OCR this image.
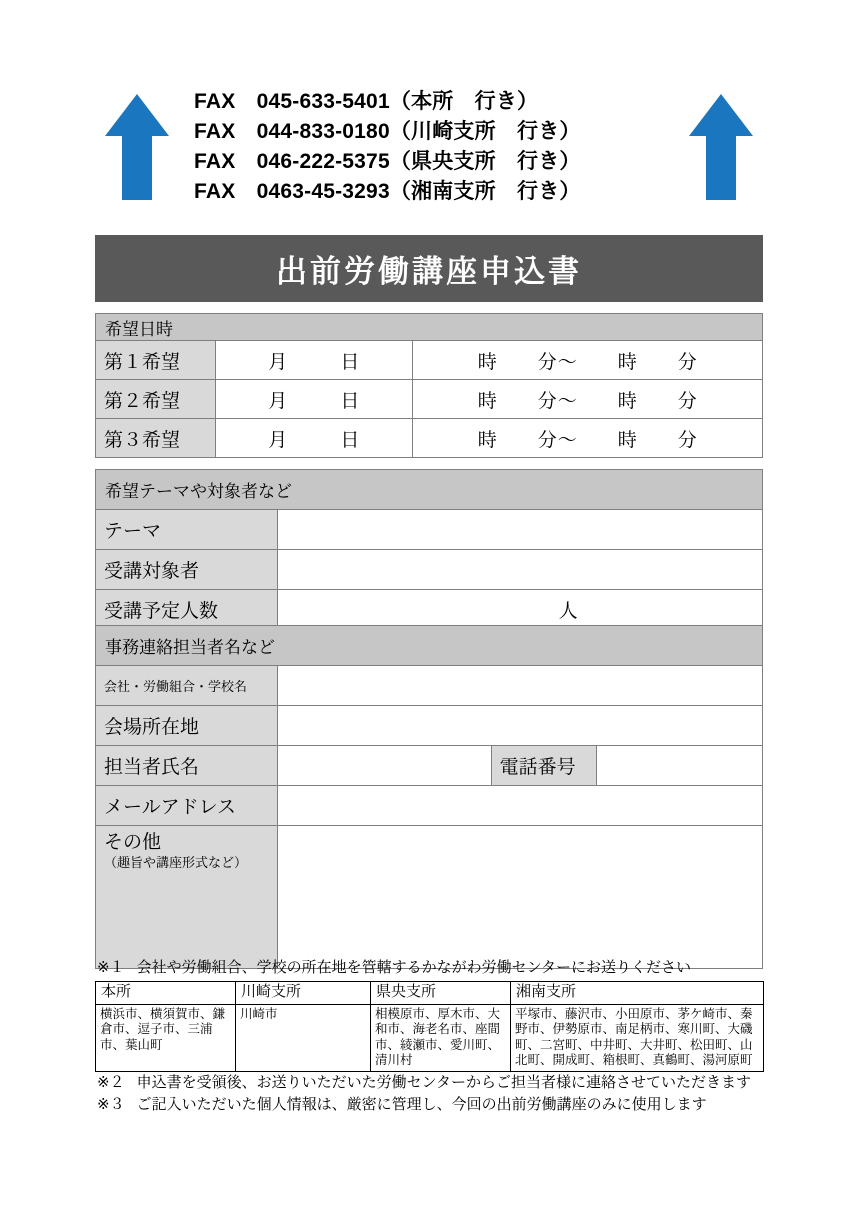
FAX　045-633-5401（本所　行き）
FAX　044-833-0180（川崎支所　行き）
FAX　046-222-5375（県央支所　行き）
FAX　0463-45-3293（湘南支所　行き）
出前労働講座申込書
希望日時		
第１希望	月 日	時 分〜 時 分

第２希望	月 日	時 分〜 時 分

第３希望	月 日	時 分〜 時 分
希望テーマや対象者など	
テーマ	
受講対象者	
受講予定人数	人
事務連絡担当者名など			
会社・労働組合・学校名			
会場所在地			
担当者氏名		電話番号	
メールアドレス			
その他
（趣旨や講座形式など）			

※１ 会社や労働組合、学校の所在地を管轄するかながわ労働センターにお送りください
本所	川崎支所	県央支所	湘南支所
横浜市、横須賀市、鎌倉市、逗子市、三浦市、葉山町	川崎市	相模原市、厚木市、大和市、海老名市、座間市、綾瀬市、愛川町、清川村	平塚市、藤沢市、小田原市、茅ケ崎市、秦野市、伊勢原市、南足柄市、寒川町、大磯町、二宮町、中井町、大井町、松田町、山北町、開成町、箱根町、真鶴町、湯河原町
※２ 申込書を受領後、お送りいただいた労働センターからご担当者様に連絡させていただきます
※３ ご記入いただいた個人情報は、厳密に管理し、今回の出前労働講座のみに使用します
